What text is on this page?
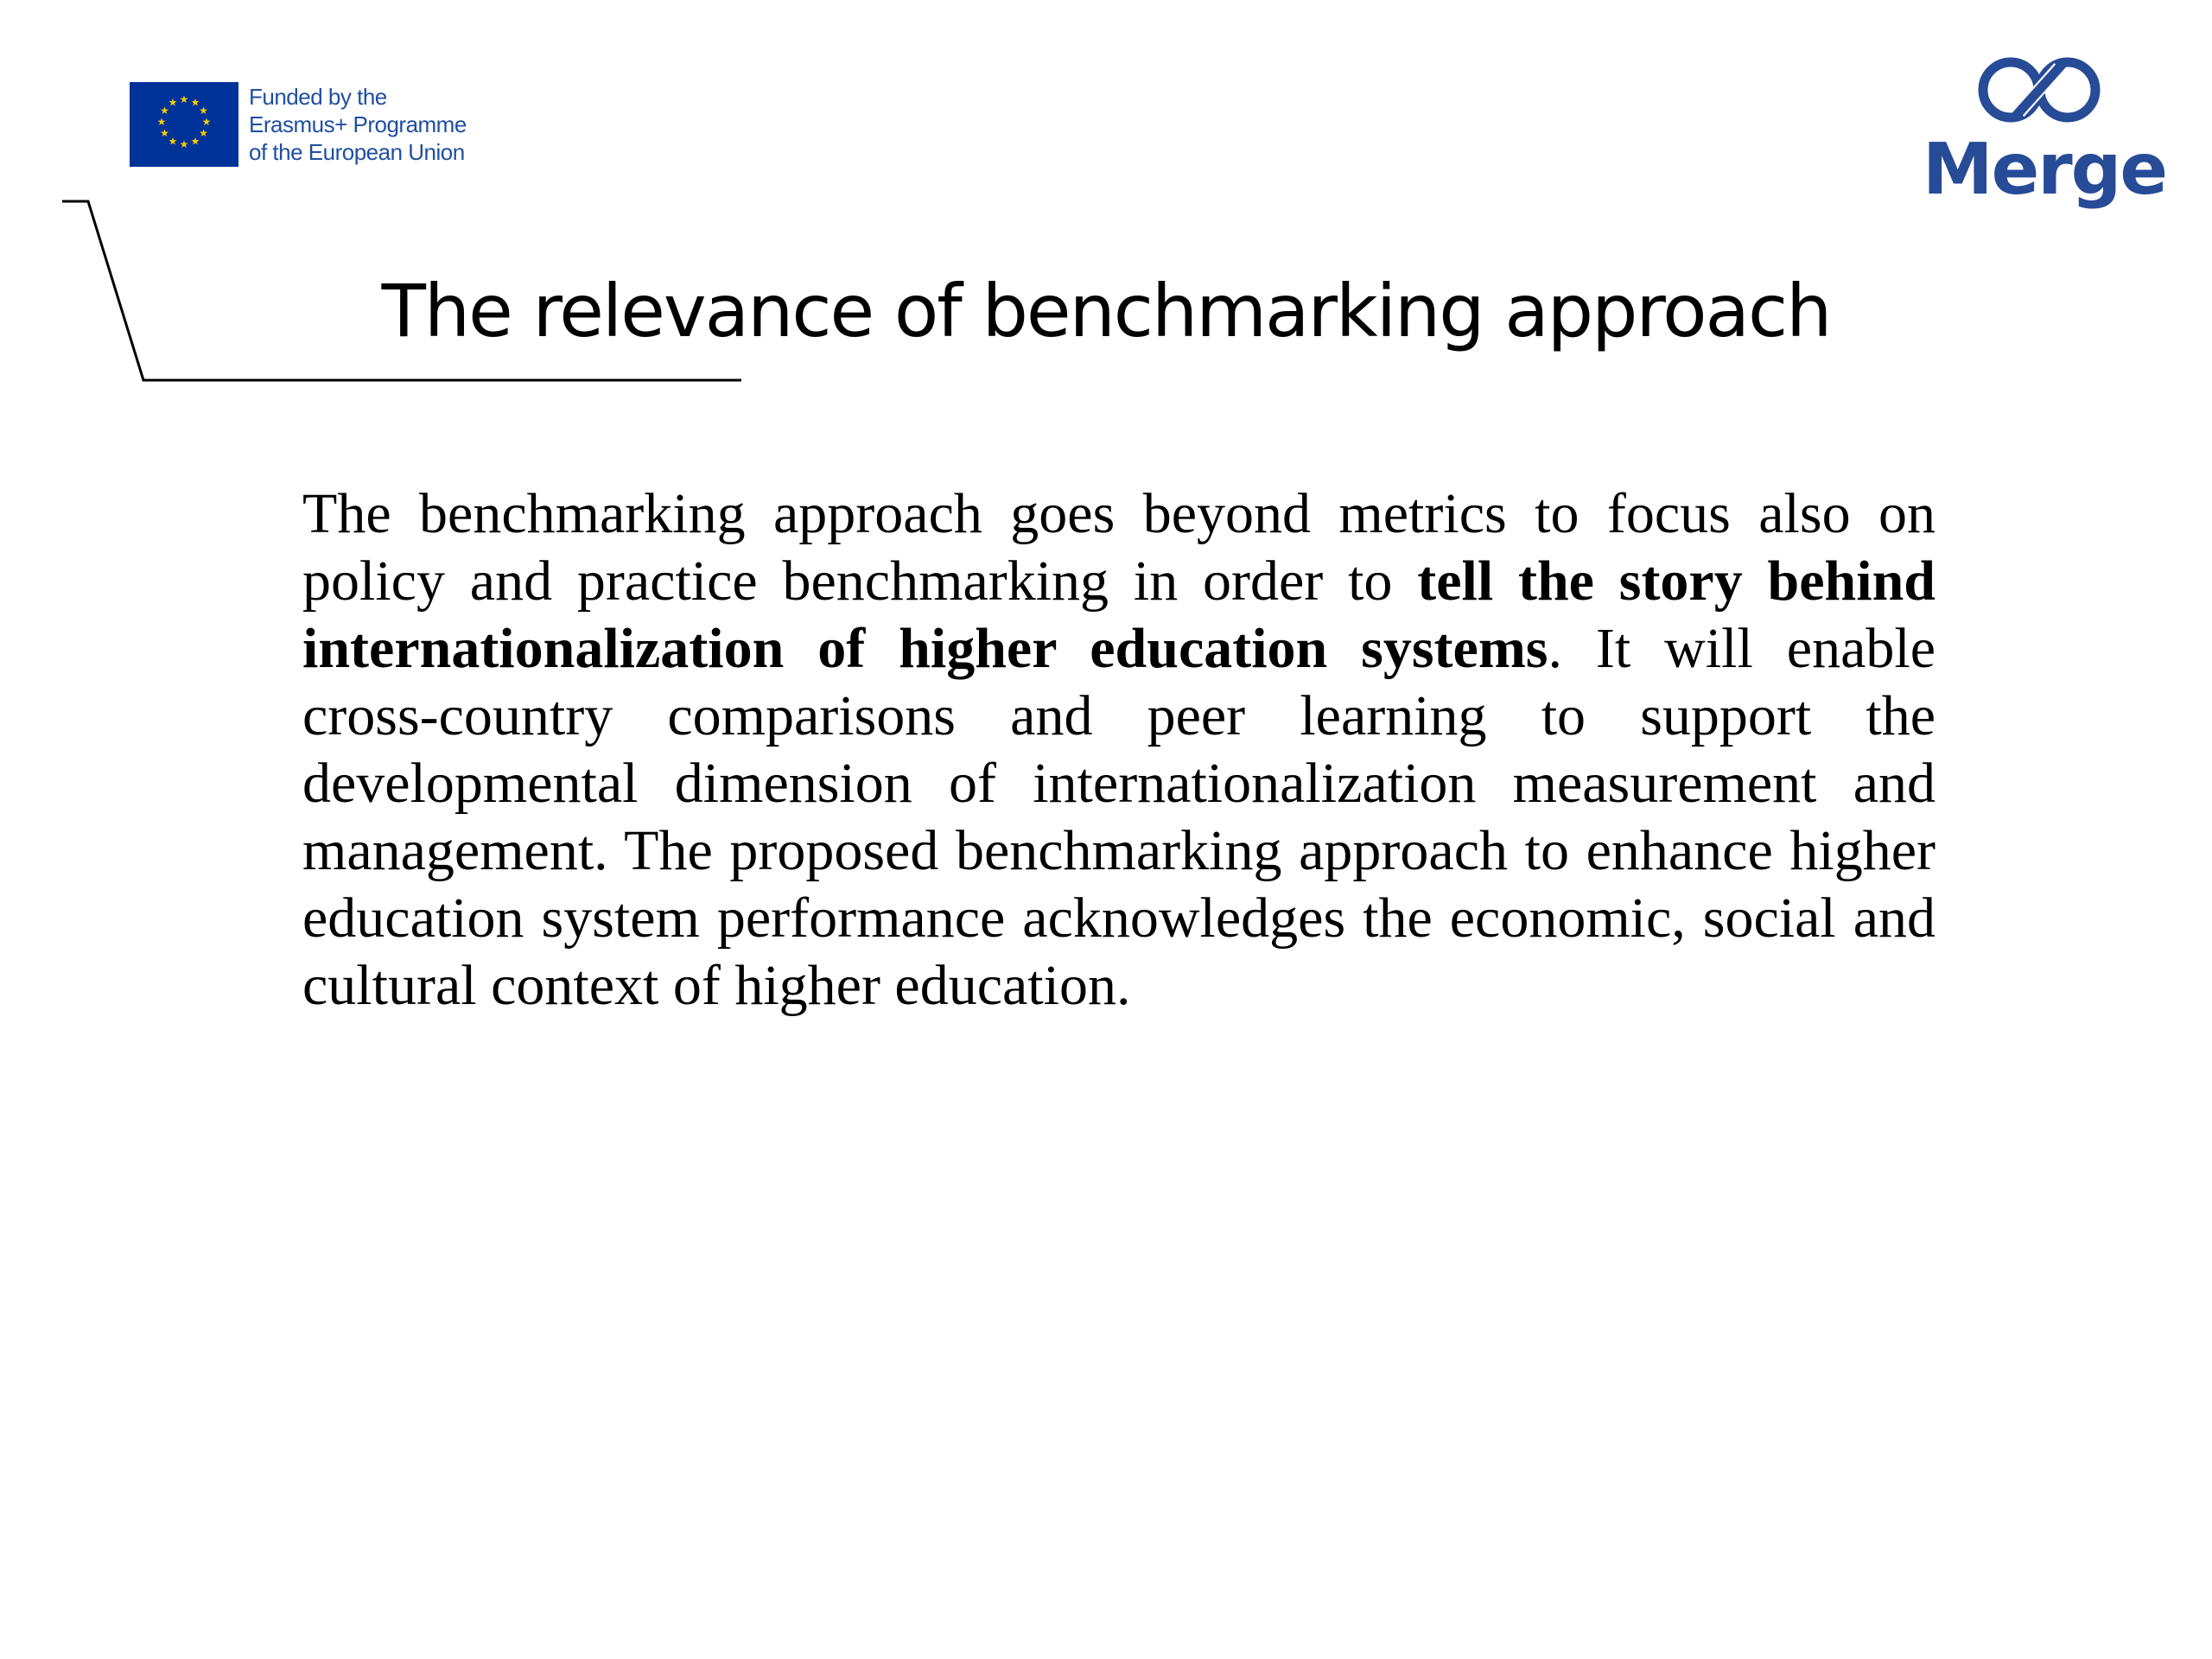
★ ★
★
★
★
★
★
★
★
★
★
★	Funded by the
Erasmus+ Programme
of the European Union	Merge
The relevance of benchmarking approach

The benchmarking approach goes beyond metrics to focus also on policy and practice benchmarking in order to tell the story behind internationalization of higher education systems. It will enable cross-country comparisons and peer learning to support the developmental dimension of internationalization measurement and management. The proposed benchmarking approach to enhance higher education system performance acknowledges the economic, social and cultural context of higher education.
